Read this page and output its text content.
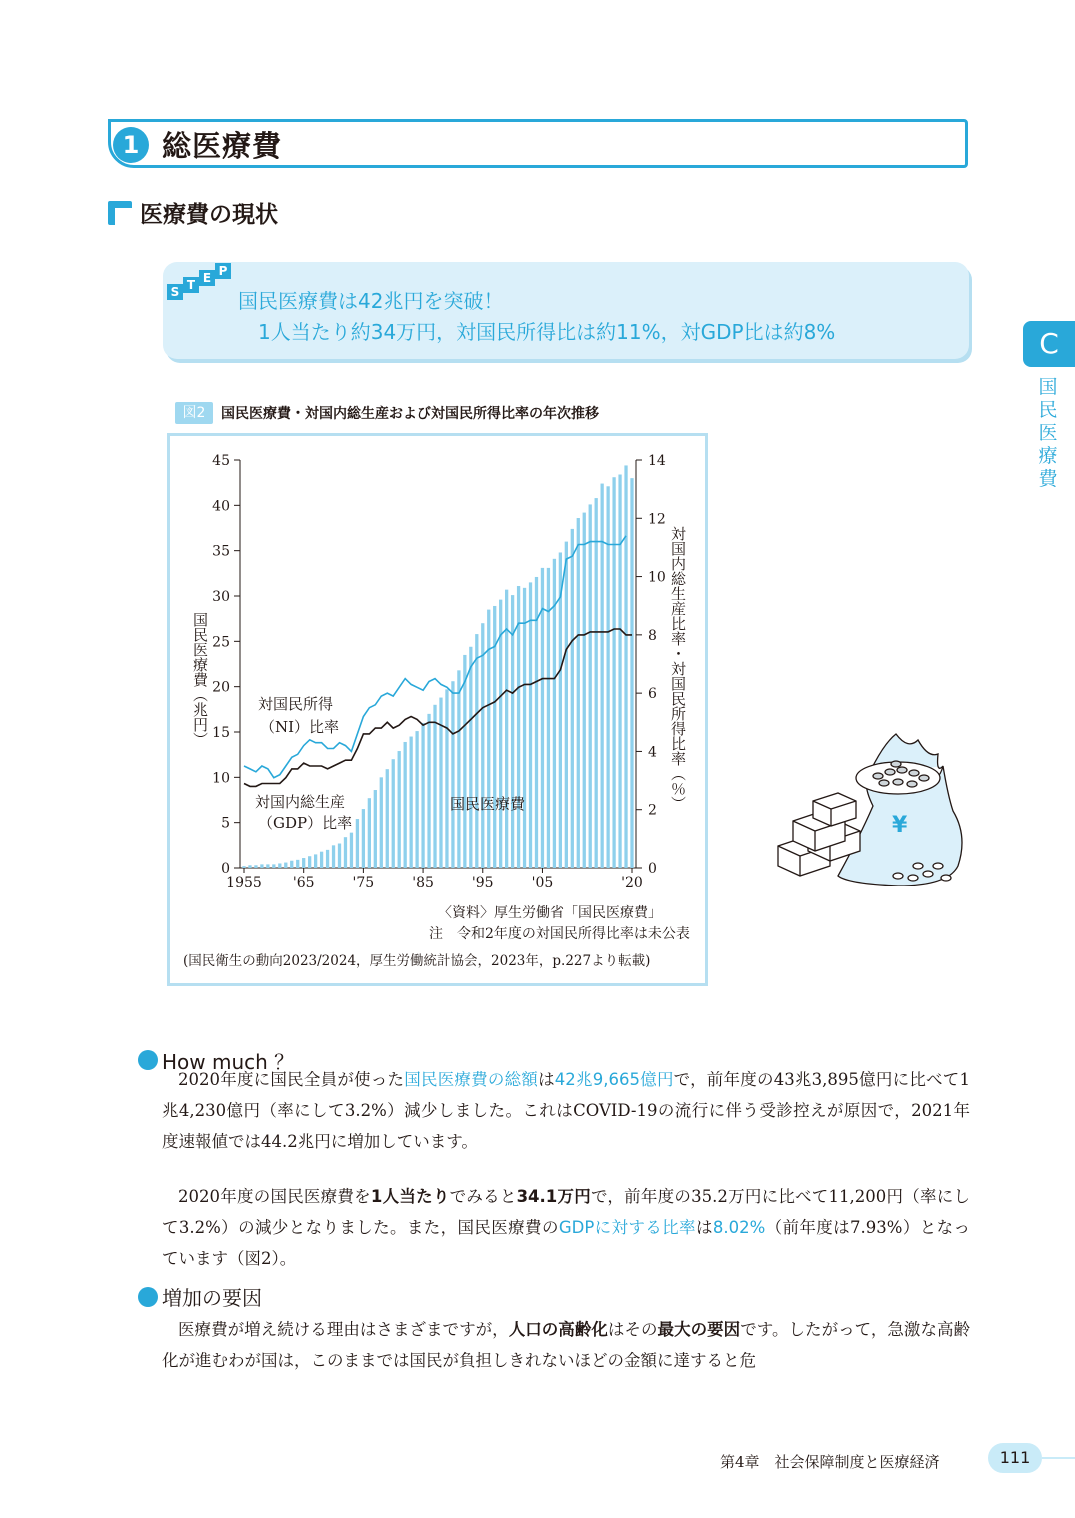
1 総医療費
医療費の現状
S T E P
国民医療費は42兆円を突破！
1人当たり約34万円，対国民所得比は約11%，対GDP比は約8%	C
国民医療費
図2	国民医療費・対国内総生産および対国民所得比率の年次推移
0
5
10
15
20
25
30
35
40
45
0
2
4
6
8
10
12
14
1955 '65	'75	'85	'95	'05	'20
国民医療費（兆円）	対国内総生産比率・対国民所得比率（％）
対国民所得
（NI）比率
対国内総生産
（GDP）比率
国民医療費
〈資料〉厚生労働省「国民医療費」
注　令和2年度の対国民所得比率は未公表
(国民衛生の動向2023/2024，厚生労働統計協会，2023年，p.227より転載)
¥
How much ？

2020年度に国民全員が使った国民医療費の総額は42兆9,665億円で，前年度の43兆3,895億円に比べて1兆4,230億円（率にして3.2%）減少しました。これはCOVID-19の流行に伴う受診控えが原因で，2021年度速報値では44.2兆円に増加しています。

2020年度の国民医療費を1人当たりでみると34.1万円で，前年度の35.2万円に比べて11,200円（率にして3.2%）の減少となりました。また，国民医療費のGDPに対する比率は8.02%（前年度は7.93%）となっています（図2）。

増加の要因

医療費が増え続ける理由はさまざまですが，人口の高齢化はその最大の要因です。したがって，急激な高齢化が進むわが国は，このままでは国民が負担しきれないほどの金額に達すると危

第4章　社会保障制度と医療経済	111
